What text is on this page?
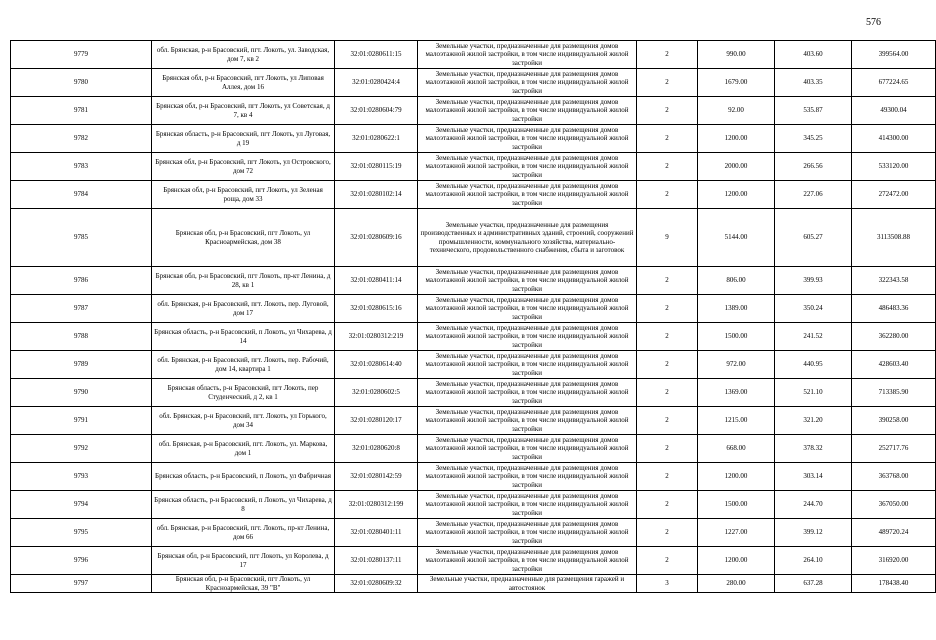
576
9779	обл. Брянская, р-н Брасовский, пгт. Локоть, ул. Заводская, дом 7, кв 2	32:01:0280611:15	Земельные участки, предназначенные для размещения домов малоэтажной жилой застройки, в том числе индивидуальной жилой застройки	2	990.00	403.60	399564.00
9780	Брянская обл, р-н Брасовский, пгт Локоть, ул Липовая Аллея, дом 16	32:01:0280424:4	Земельные участки, предназначенные для размещения домов малоэтажной жилой застройки, в том числе индивидуальной жилой застройки	2	1679.00	403.35	677224.65
9781	Брянская обл, р-н Брасовский, пгт Локоть, ул Советская, д 7, кв 4	32:01:0280604:79	Земельные участки, предназначенные для размещения домов малоэтажной жилой застройки, в том числе индивидуальной жилой застройки	2	92.00	535.87	49300.04
9782	Брянская область, р-н Брасовский, пгт Локоть, ул Луговая, д 19	32:01:0280622:1	Земельные участки, предназначенные для размещения домов малоэтажной жилой застройки, в том числе индивидуальной жилой застройки	2	1200.00	345.25	414300.00
9783	Брянская обл, р-н Брасовский, пгт Локоть, ул Островского, дом 72	32:01:0280115:19	Земельные участки, предназначенные для размещения домов малоэтажной жилой застройки, в том числе индивидуальной жилой застройки	2	2000.00	266.56	533120.00
9784	Брянская обл, р-н Брасовский, пгт Локоть, ул Зеленая роща, дом 33	32:01:0280102:14	Земельные участки, предназначенные для размещения домов малоэтажной жилой застройки, в том числе индивидуальной жилой застройки	2	1200.00	227.06	272472.00
9785	Брянская обл, р-н Брасовский, пгт Локоть, ул Красноармейская, дом 38	32:01:0280609:16	Земельные участки, предназначенные для размещения производственных и административных зданий, строений, сооружений промышленности, коммунального хозяйства, материально-технического, продовольственного снабжения, сбыта и заготовок	9	5144.00	605.27	3113508.88
9786	Брянская обл, р-н Брасовский, пгт Локоть, пр-кт Ленина, д 28, кв 1	32:01:0280411:14	Земельные участки, предназначенные для размещения домов малоэтажной жилой застройки, в том числе индивидуальной жилой застройки	2	806.00	399.93	322343.58
9787	обл. Брянская, р-н Брасовский, пгт. Локоть, пер. Луговой, дом 17	32:01:0280615:16	Земельные участки, предназначенные для размещения домов малоэтажной жилой застройки, в том числе индивидуальной жилой застройки	2	1389.00	350.24	486483.36
9788	Брянская область, р-н Брасовский, п Локоть, ул Чихарева, д 14	32:01:0280312:219	Земельные участки, предназначенные для размещения домов малоэтажной жилой застройки, в том числе индивидуальной жилой застройки	2	1500.00	241.52	362280.00
9789	обл. Брянская, р-н Брасовский, пгт. Локоть, пер. Рабочий, дом 14, квартира 1	32:01:0280614:40	Земельные участки, предназначенные для размещения домов малоэтажной жилой застройки, в том числе индивидуальной жилой застройки	2	972.00	440.95	428603.40
9790	Брянская область, р-н Брасовский, пгт Локоть, пер Студенческий, д 2, кв 1	32:01:0280602:5	Земельные участки, предназначенные для размещения домов малоэтажной жилой застройки, в том числе индивидуальной жилой застройки	2	1369.00	521.10	713385.90
9791	обл. Брянская, р-н Брасовский, пгт. Локоть, ул Горького, дом 34	32:01:0280120:17	Земельные участки, предназначенные для размещения домов малоэтажной жилой застройки, в том числе индивидуальной жилой застройки	2	1215.00	321.20	390258.00
9792	обл. Брянская, р-н Брасовский, пгт. Локоть, ул. Маркова, дом 1	32:01:0280620:8	Земельные участки, предназначенные для размещения домов малоэтажной жилой застройки, в том числе индивидуальной жилой застройки	2	668.00	378.32	252717.76
9793	Брянская область, р-н Брасовский, п Локоть, ул Фабричная	32:01:0280142:59	Земельные участки, предназначенные для размещения домов малоэтажной жилой застройки, в том числе индивидуальной жилой застройки	2	1200.00	303.14	363768.00
9794	Брянская область, р-н Брасовский, п Локоть, ул Чихарева, д 8	32:01:0280312:199	Земельные участки, предназначенные для размещения домов малоэтажной жилой застройки, в том числе индивидуальной жилой застройки	2	1500.00	244.70	367050.00
9795	обл. Брянская, р-н Брасовский, пгт. Локоть, пр-кт Ленина, дом 66	32:01:0280401:11	Земельные участки, предназначенные для размещения домов малоэтажной жилой застройки, в том числе индивидуальной жилой застройки	2	1227.00	399.12	489720.24
9796	Брянская обл, р-н Брасовский, пгт Локоть, ул Королева, д 17	32:01:0280137:11	Земельные участки, предназначенные для размещения домов малоэтажной жилой застройки, в том числе индивидуальной жилой застройки	2	1200.00	264.10	316920.00
9797	Брянская обл, р-н Брасовский, пгт Локоть, ул Красноармейская, 39 "В"	32:01:0280609:32	Земельные участки, предназначенные для размещения гаражей и автостоянок	3	280.00	637.28	178438.40
